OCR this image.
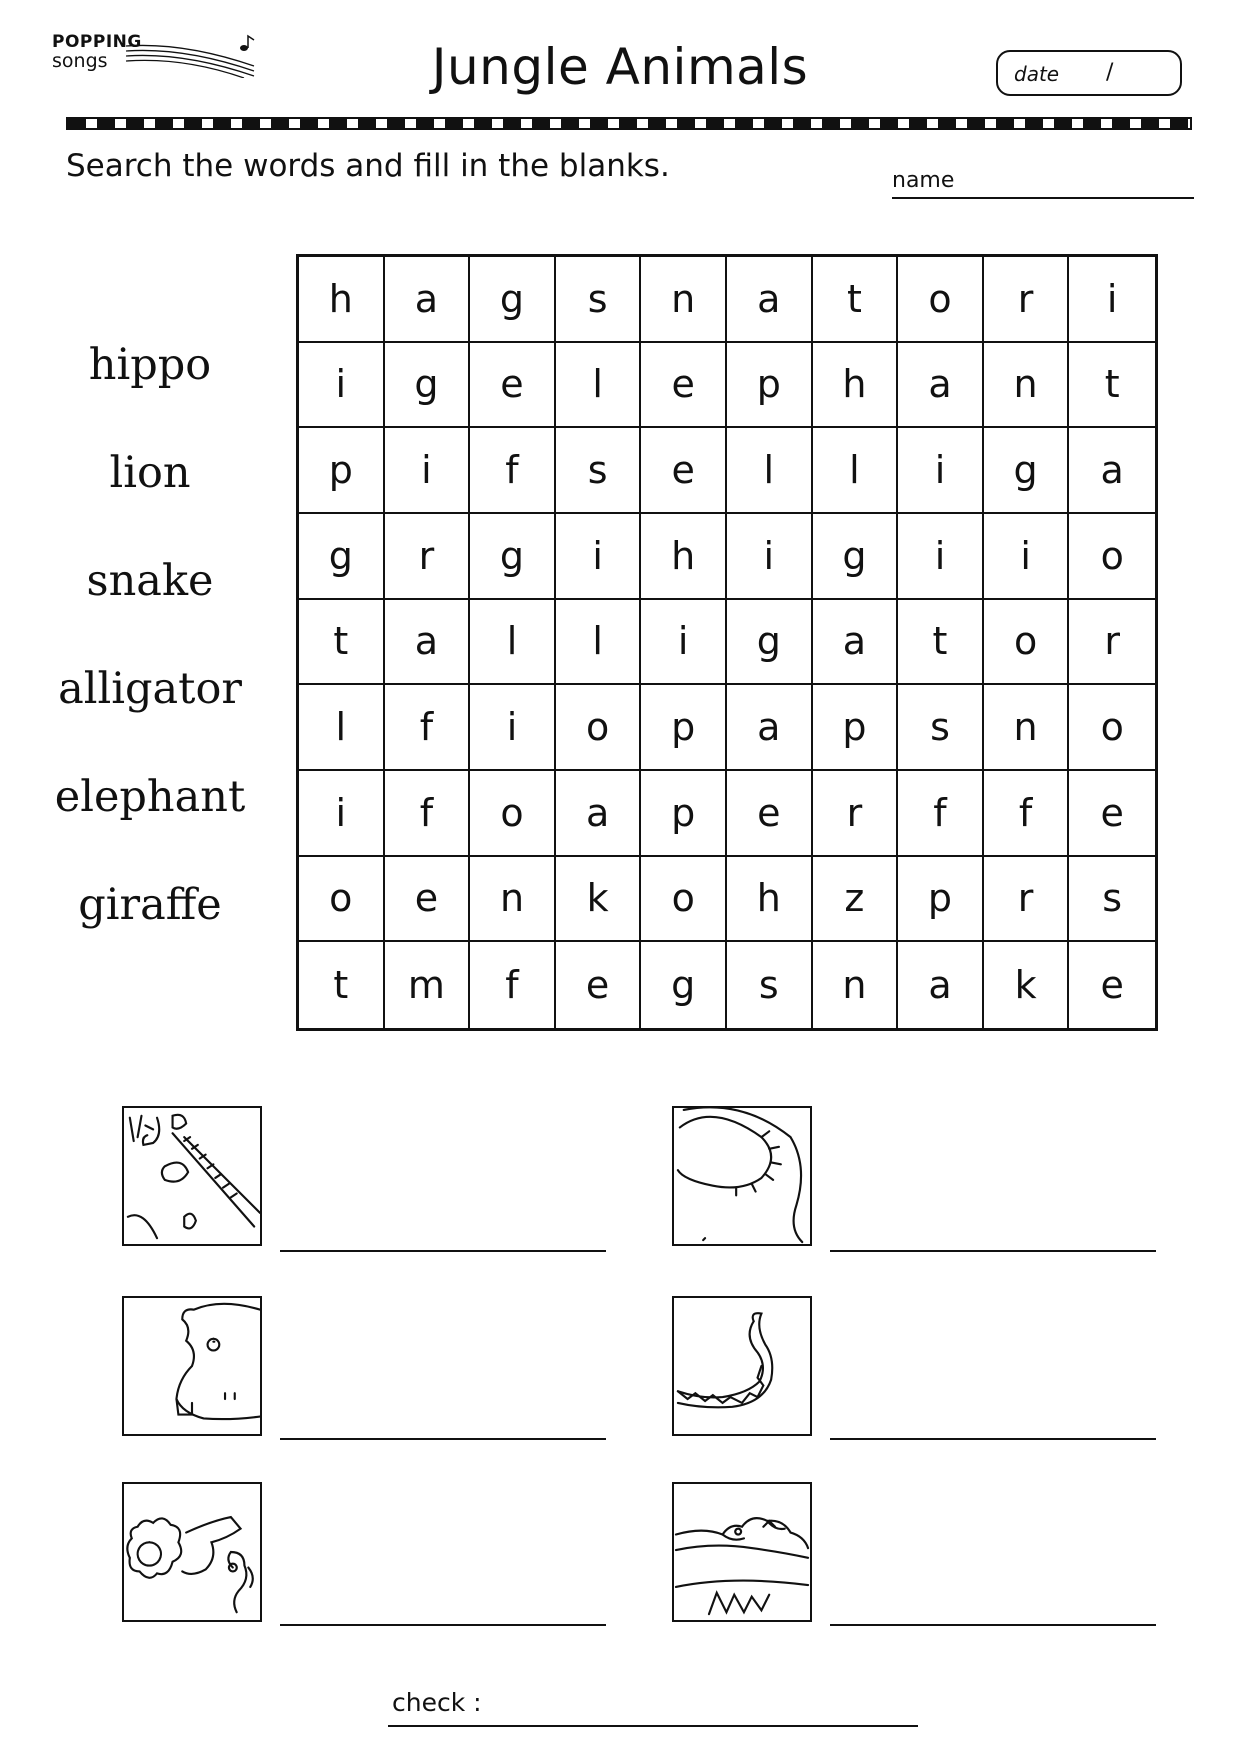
POPPING
songs	Jungle Animals	date /
Search the words and fill in the blanks.	name
hippo
lion
snake
alligator
elephant
giraffe
h	a	g	s	n	a	t	o	r	i
i	g	e	l	e	p	h	a	n	t
p	i	f	s	e	l	l	i	g	a
g	r	g	i	h	i	g	i	i	o
t	a	l	l	i	g	a	t	o	r
l	f	i	o	p	a	p	s	n	o
i	f	o	a	p	e	r	f	f	e
o	e	n	k	o	h	z	p	r	s
t	m	f	e	g	s	n	a	k	e
check :
